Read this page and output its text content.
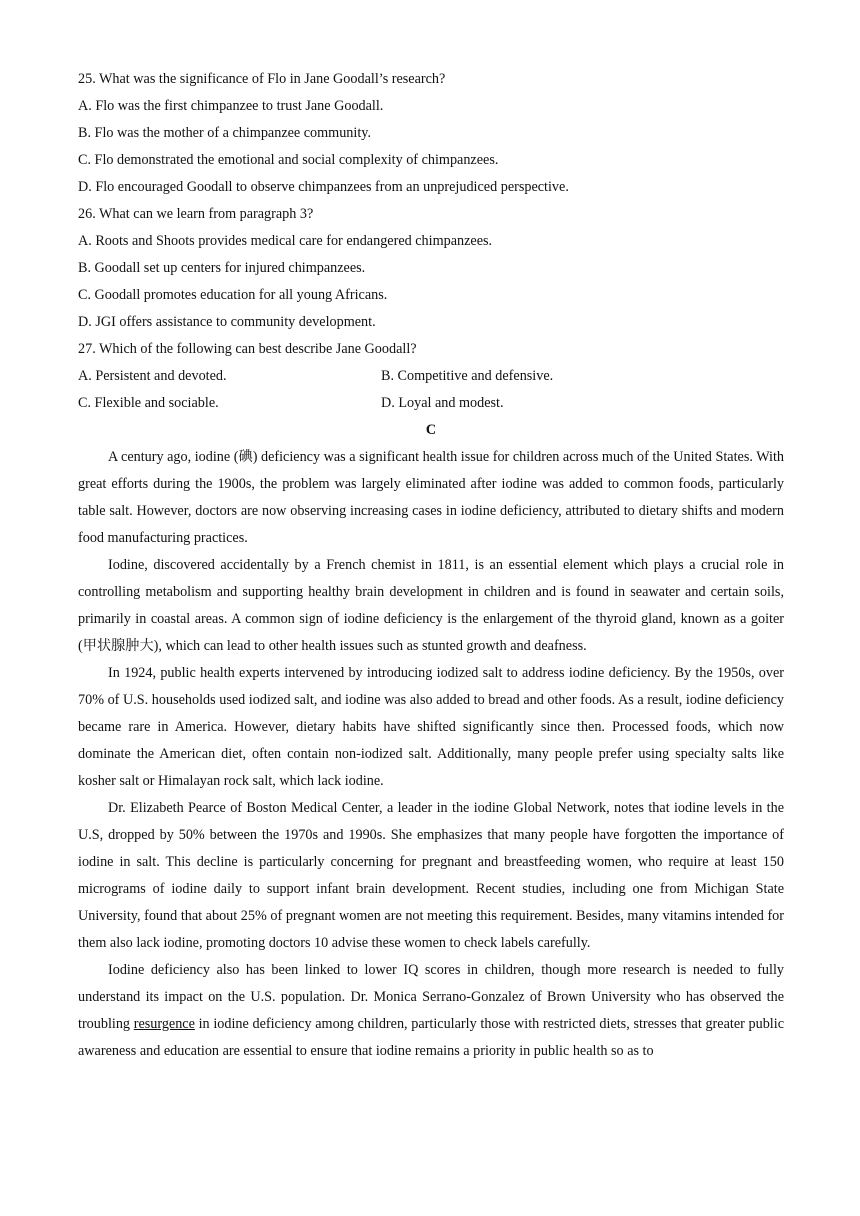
25. What was the significance of Flo in Jane Goodall’s research?
A. Flo was the first chimpanzee to trust Jane Goodall.
B. Flo was the mother of a chimpanzee community.
C. Flo demonstrated the emotional and social complexity of chimpanzees.
D. Flo encouraged Goodall to observe chimpanzees from an unprejudiced perspective.
26. What can we learn from paragraph 3?
A. Roots and Shoots provides medical care for endangered chimpanzees.
B. Goodall set up centers for injured chimpanzees.
C. Goodall promotes education for all young Africans.
D. JGI offers assistance to community development.
27. Which of the following can best describe Jane Goodall?
A. Persistent and devoted.	B. Competitive and defensive.
C. Flexible and sociable.	D. Loyal and modest.
C

A century ago, iodine (碘) deficiency was a significant health issue for children across much of the United States. With great efforts during the 1900s, the problem was largely eliminated after iodine was added to common foods, particularly table salt. However, doctors are now observing increasing cases in iodine deficiency, attributed to dietary shifts and modern food manufacturing practices.

Iodine, discovered accidentally by a French chemist in 1811, is an essential element which plays a crucial role in controlling metabolism and supporting healthy brain development in children and is found in seawater and certain soils, primarily in coastal areas. A common sign of iodine deficiency is the enlargement of the thyroid gland, known as a goiter (甲状腺肿大), which can lead to other health issues such as stunted growth and deafness.

In 1924, public health experts intervened by introducing iodized salt to address iodine deficiency. By the 1950s, over 70% of U.S. households used iodized salt, and iodine was also added to bread and other foods. As a result, iodine deficiency became rare in America. However, dietary habits have shifted significantly since then. Processed foods, which now dominate the American diet, often contain non-iodized salt. Additionally, many people prefer using specialty salts like kosher salt or Himalayan rock salt, which lack iodine.

Dr. Elizabeth Pearce of Boston Medical Center, a leader in the iodine Global Network, notes that iodine levels in the U.S, dropped by 50% between the 1970s and 1990s. She emphasizes that many people have forgotten the importance of iodine in salt. This decline is particularly concerning for pregnant and breastfeeding women, who require at least 150 micrograms of iodine daily to support infant brain development. Recent studies, including one from Michigan State University, found that about 25% of pregnant women are not meeting this requirement. Besides, many vitamins intended for them also lack iodine, promoting doctors 10 advise these women to check labels carefully.

Iodine deficiency also has been linked to lower IQ scores in children, though more research is needed to fully understand its impact on the U.S. population. Dr. Monica Serrano-Gonzalez of Brown University who has observed the troubling resurgence in iodine deficiency among children, particularly those with restricted diets, stresses that greater public awareness and education are essential to ensure that iodine remains a priority in public health so as to
